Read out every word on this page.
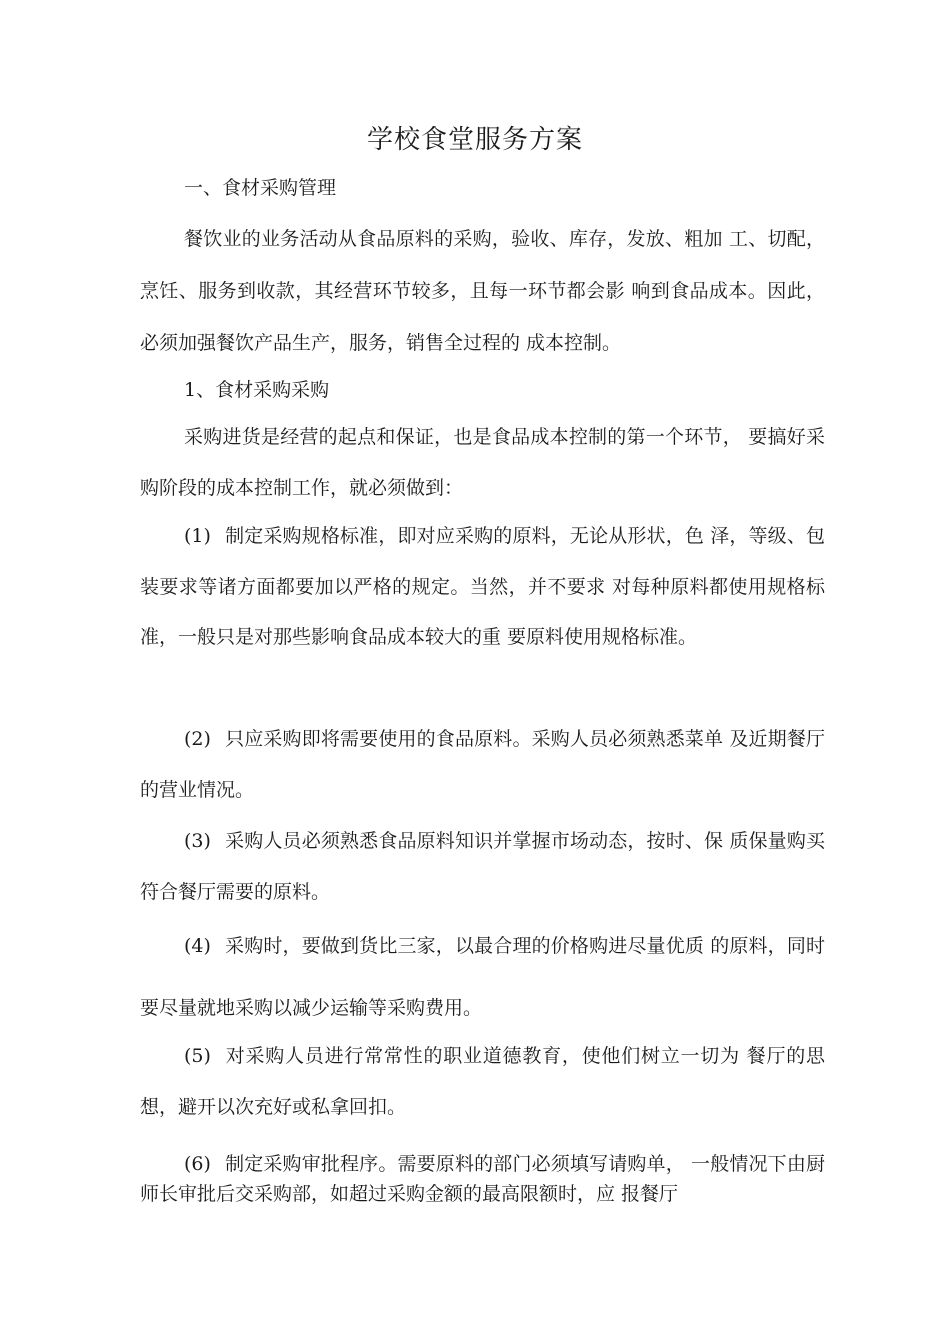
学校食堂服务方案
一、食材采购管理
餐饮业的业务活动从食品原料的采购，验收、库存，发放、粗加 工、切配，烹饪、服务到收款，其经营环节较多，且每一环节都会影 响到食品成本。因此，必须加强餐饮产品生产，服务，销售全过程的 成本控制。
1、食材采购采购
采购进货是经营的起点和保证，也是食品成本控制的第一个环节， 要搞好采购阶段的成本控制工作，就必须做到：
(1) 制定采购规格标准，即对应采购的原料，无论从形状，色 泽，等级、包装要求等诸方面都要加以严格的规定。当然，并不要求 对每种原料都使用规格标准，一般只是对那些影响食品成本较大的重 要原料使用规格标准。
(2) 只应采购即将需要使用的食品原料。采购人员必须熟悉菜单 及近期餐厅的营业情况。
(3) 采购人员必须熟悉食品原料知识并掌握市场动态，按时、保 质保量购买符合餐厅需要的原料。
(4) 采购时，要做到货比三家，以最合理的价格购进尽量优质 的原料，同时要尽量就地采购以减少运输等采购费用。
(5) 对采购人员进行常常性的职业道德教育，使他们树立一切为 餐厅的思想，避开以次充好或私拿回扣。
(6) 制定采购审批程序。需要原料的部门必须填写请购单， 一般情况下由厨师长审批后交采购部，如超过采购金额的最高限额时，应 报餐厅
